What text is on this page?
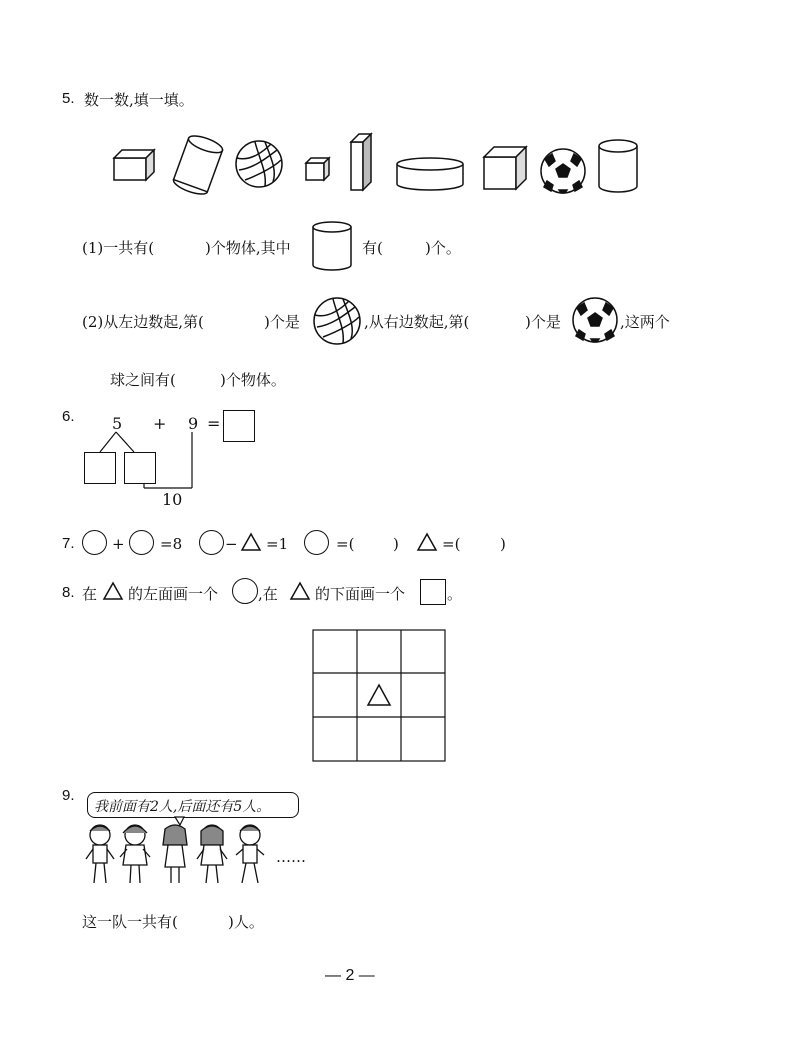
5. 数一数,填一填。
(1)一共有(	)个物体,其中	有(	)个。
(2)从左边数起,第(	)个是	,从右边数起,第(	)个是	,这两个
球之间有(	)个物体。
6. 5 + 9 =
10
7. + =8	− =1	=(	)	=(	)
8. 在 的左面画一个	,在 的下面画一个	。
9.
我前面有2人,后面还有5人。
……
这一队一共有(	)人。
— 2 —
